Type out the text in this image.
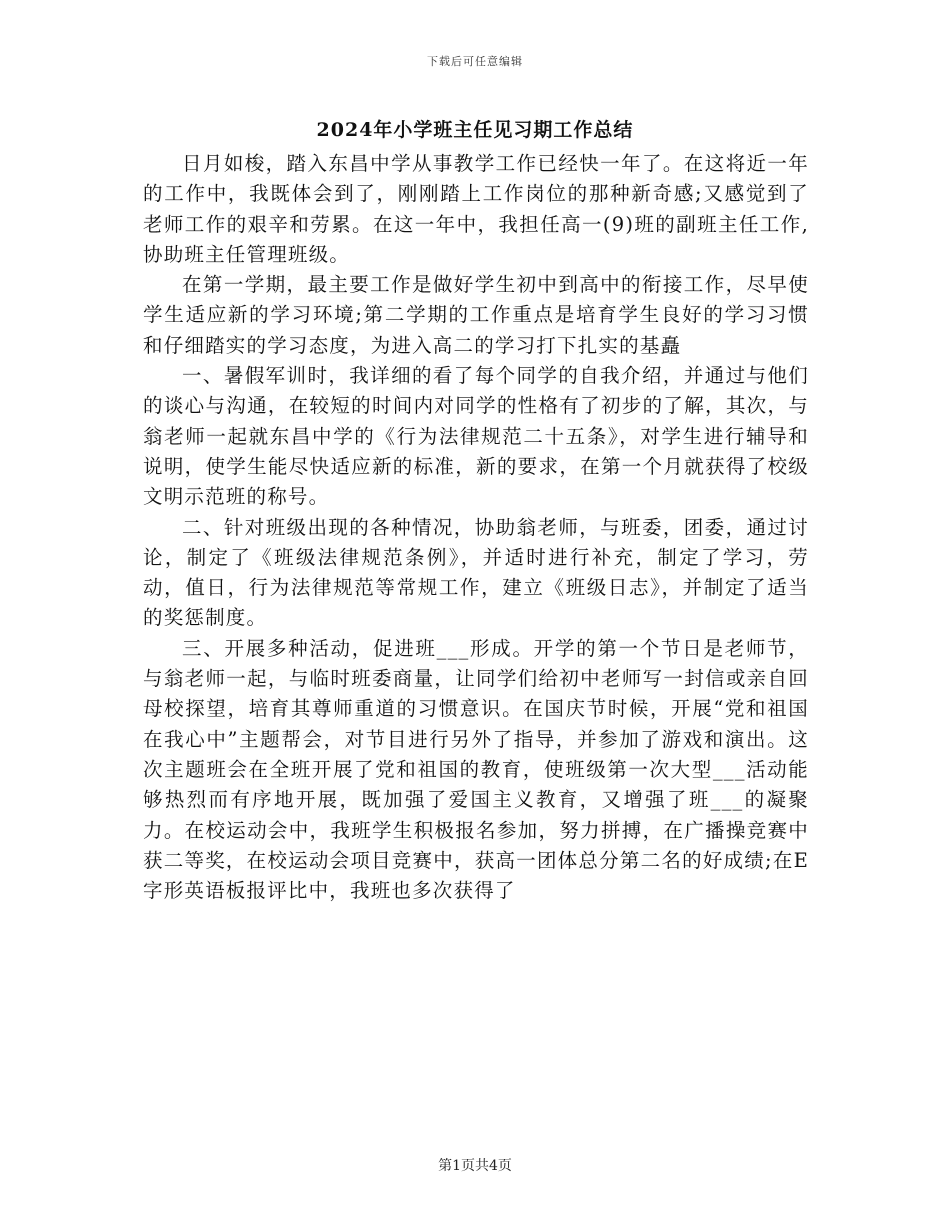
下载后可任意编辑
2024年小学班主任见习期工作总结

日月如梭，踏入东昌中学从事教学工作已经快一年了。在这将近一年的工作中，我既体会到了，刚刚踏上工作岗位的那种新奇感;又感觉到了老师工作的艰辛和劳累。在这一年中，我担任高一(9)班的副班主任工作,协助班主任管理班级。

在第一学期，最主要工作是做好学生初中到高中的衔接工作，尽早使学生适应新的学习环境;第二学期的工作重点是培育学生良好的学习习惯和仔细踏实的学习态度，为进入高二的学习打下扎实的基矗

一、暑假军训时，我详细的看了每个同学的自我介绍，并通过与他们的谈心与沟通，在较短的时间内对同学的性格有了初步的了解，其次，与翁老师一起就东昌中学的《行为法律规范二十五条》，对学生进行辅导和说明，使学生能尽快适应新的标准，新的要求，在第一个月就获得了校级文明示范班的称号。

二、针对班级出现的各种情况，协助翁老师，与班委，团委，通过讨论，制定了《班级法律规范条例》，并适时进行补充，制定了学习，劳动，值日，行为法律规范等常规工作，建立《班级日志》，并制定了适当的奖惩制度。

三、开展多种活动，促进班___形成。开学的第一个节日是老师节，与翁老师一起，与临时班委商量，让同学们给初中老师写一封信或亲自回母校探望，培育其尊师重道的习惯意识。在国庆节时候，开展“党和祖国在我心中”主题帮会，对节目进行另外了指导，并参加了游戏和演出。这次主题班会在全班开展了党和祖国的教育，使班级第一次大型___活动能够热烈而有序地开展，既加强了爱国主义教育，又增强了班___的凝聚力。在校运动会中，我班学生积极报名参加，努力拼搏，在广播操竞赛中获二等奖，在校运动会项目竞赛中，获高一团体总分第二名的好成绩;在E字形英语板报评比中，我班也多次获得了

第1页共4页
